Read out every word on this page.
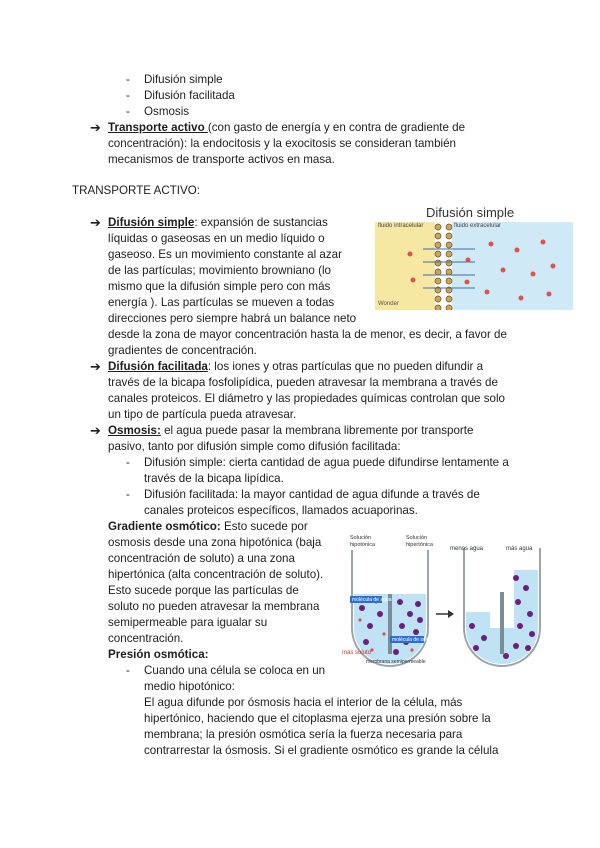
- Difusión simple
- Difusión facilitada
- Osmosis
➔ Transporte activo (con gasto de energía y en contra de gradiente de
concentración): la endocitosis y la exocitosis se consideran también
mecanismos de transporte activos en masa.
TRANSPORTE ACTIVO:
➔ Difusión simple: expansión de sustancias
líquidas o gaseosas en un medio líquido o
gaseoso. Es un movimiento constante al azar
de las partículas; movimiento browniano (lo
mismo que la difusión simple pero con más
energía ). Las partículas se mueven a todas
direcciones pero siempre habrá un balance neto
desde la zona de mayor concentración hasta la de menor, es decir, a favor de
gradientes de concentración.
Difusión simple
fluido intracelular	fluido extracelular
Wonder
➔ Difusión facilitada: los iones y otras partículas que no pueden difundir a
través de la bicapa fosfolipídica, pueden atravesar la membrana a través de
canales proteicos. El diámetro y las propiedades químicas controlan que solo
un tipo de partícula pueda atravesar.
➔ Osmosis: el agua puede pasar la membrana libremente por transporte
pasivo, tanto por difusión simple como difusión facilitada:
- Difusión simple: cierta cantidad de agua puede difundirse lentamente a
través de la bicapa lipídica.
- Difusión facilitada: la mayor cantidad de agua difunde a través de
canales proteicos específicos, llamados acuaporinas.
Gradiente osmótico: Esto sucede por
osmosis desde una zona hipotónica (baja
concentración de soluto) a una zona
hipertónica (alta concentración de soluto).
Esto sucede porque las partículas de
soluto no pueden atravesar la membrana
semipermeable para igualar su
concentración.
Solución hipotónica
Solución hipertónica
menos agua	más agua
molécula de agua
molécula de soluto
más soluto
membrana semipermeable
Presión osmótica:
- Cuando una célula se coloca en un
medio hipotónico:
El agua difunde por ósmosis hacia el interior de la célula, más
hipertónico, haciendo que el citoplasma ejerza una presión sobre la
membrana; la presión osmótica sería la fuerza necesaria para
contrarrestar la ósmosis. Si el gradiente osmótico es grande la célula
